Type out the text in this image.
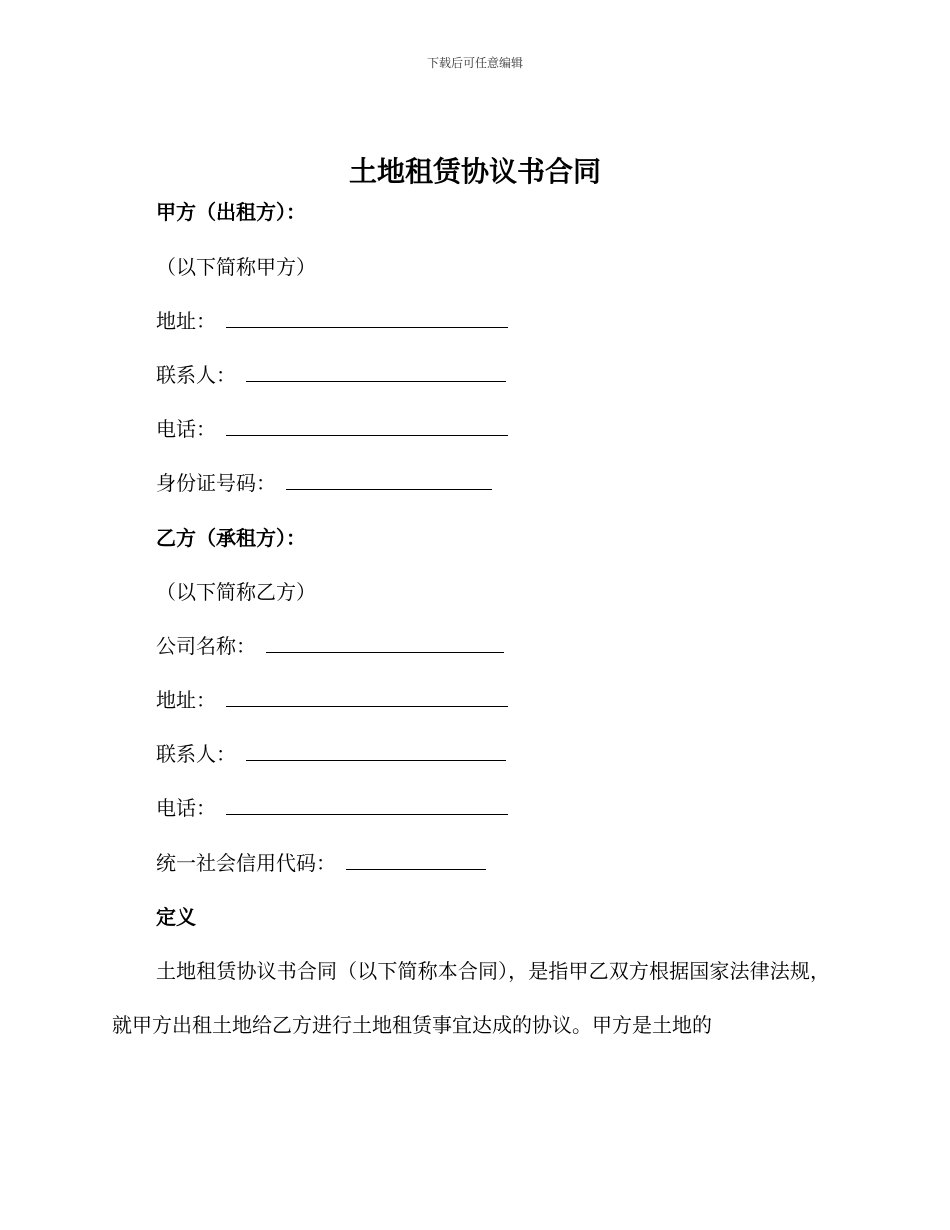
下载后可任意编辑
土地租赁协议书合同
甲方（出租方）：
（以下简称甲方）
地址：
联系人：
电话：
身份证号码：
乙方（承租方）：
（以下简称乙方）
公司名称：
地址：
联系人：
电话：
统一社会信用代码：
定义
土地租赁协议书合同（以下简称本合同），是指甲乙双方根据国家法律法规，就甲方出租土地给乙方进行土地租赁事宜达成的协议。甲方是土地的
